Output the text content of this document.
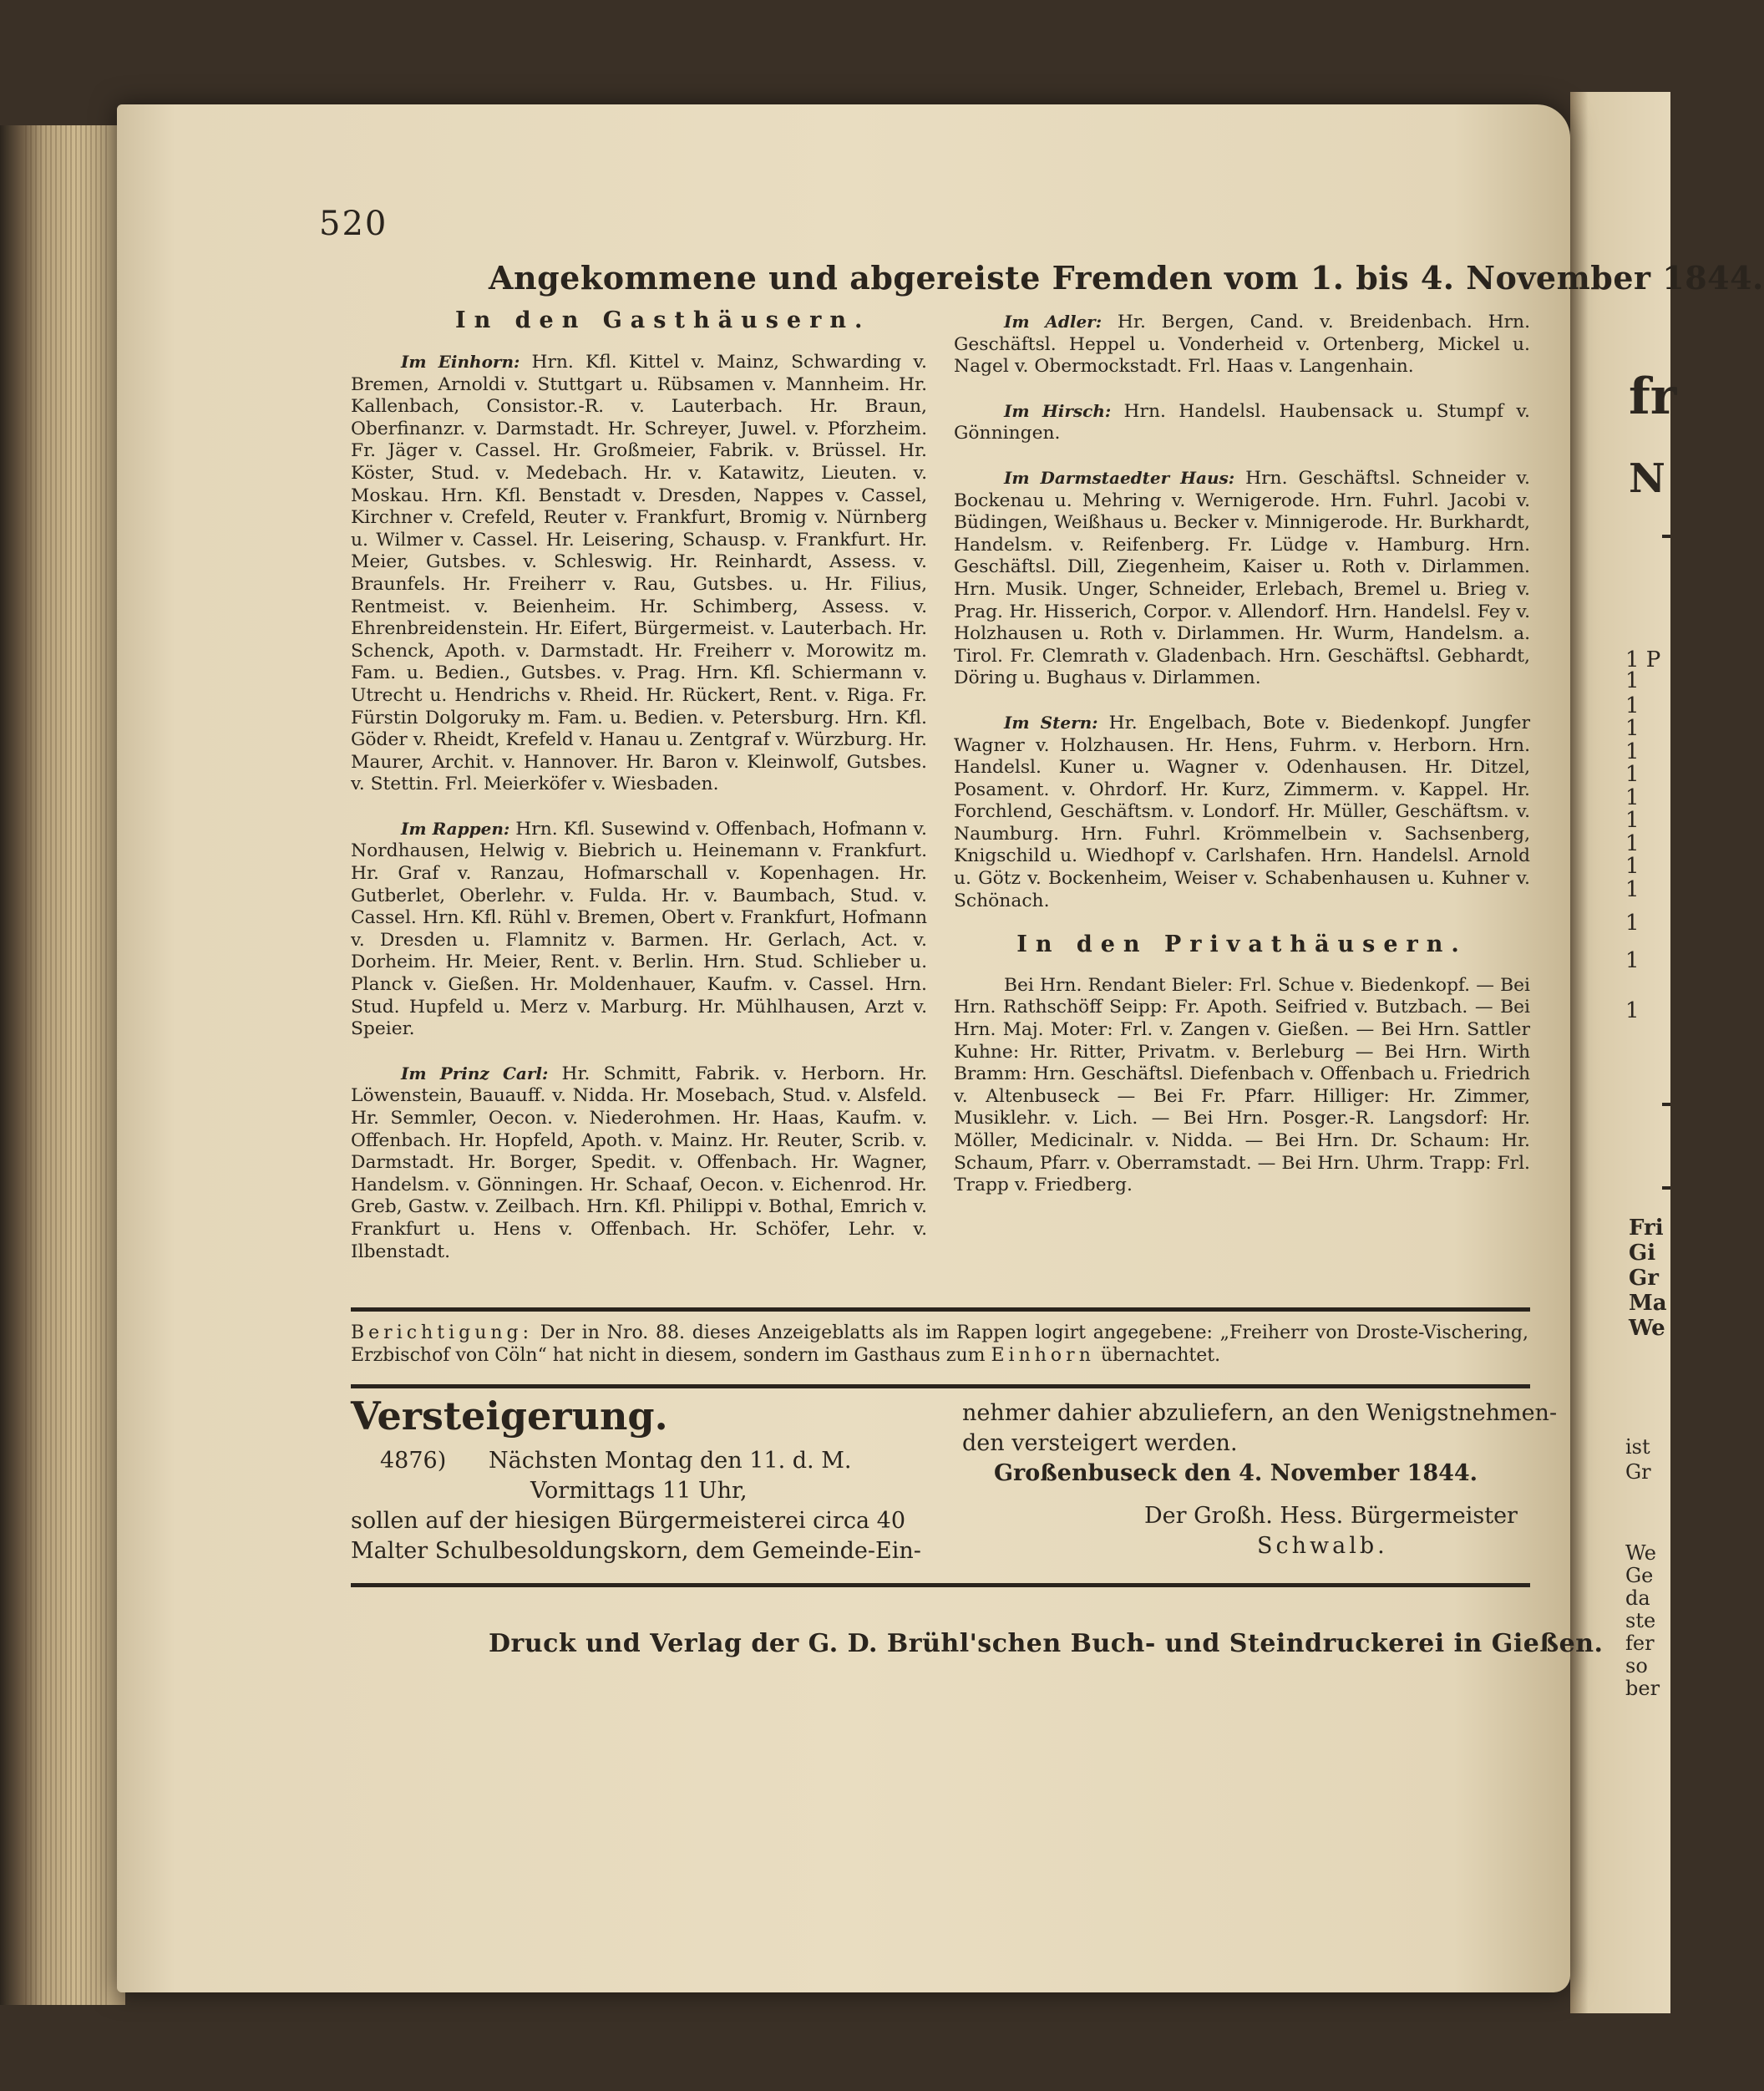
fr
N
1 P
1
1
1
1
1
1
1
1
1
1
1
1
1
Fri
Gi
Gr
Ma
We
ist
Gr
We
Ge
da
ste
fer
so
ber
520
Angekommene und abgereiste Fremden vom 1. bis 4. November 1844.
In den Gasthäusern.

Im Einhorn: Hrn. Kfl. Kittel v. Mainz, Schwarding v. Bremen, Arnoldi v. Stuttgart u. Rübsamen v. Mannheim. Hr. Kallenbach, Consistor.-R. v. Lauterbach. Hr. Braun, Oberfinanzr. v. Darmstadt. Hr. Schreyer, Juwel. v. Pforzheim. Fr. Jäger v. Cassel. Hr. Großmeier, Fabrik. v. Brüssel. Hr. Köster, Stud. v. Medebach. Hr. v. Katawitz, Lieuten. v. Moskau. Hrn. Kfl. Benstadt v. Dresden, Nappes v. Cassel, Kirchner v. Crefeld, Reuter v. Frankfurt, Bromig v. Nürnberg u. Wilmer v. Cassel. Hr. Leisering, Schausp. v. Frankfurt. Hr. Meier, Gutsbes. v. Schleswig. Hr. Reinhardt, Assess. v. Braunfels. Hr. Freiherr v. Rau, Gutsbes. u. Hr. Filius, Rentmeist. v. Beienheim. Hr. Schimberg, Assess. v. Ehrenbreidenstein. Hr. Eifert, Bürgermeist. v. Lauterbach. Hr. Schenck, Apoth. v. Darmstadt. Hr. Freiherr v. Morowitz m. Fam. u. Bedien., Gutsbes. v. Prag. Hrn. Kfl. Schiermann v. Utrecht u. Hendrichs v. Rheid. Hr. Rückert, Rent. v. Riga. Fr. Fürstin Dolgoruky m. Fam. u. Bedien. v. Petersburg. Hrn. Kfl. Göder v. Rheidt, Krefeld v. Hanau u. Zentgraf v. Würzburg. Hr. Maurer, Archit. v. Hannover. Hr. Baron v. Kleinwolf, Gutsbes. v. Stettin. Frl. Meierköfer v. Wiesbaden.

Im Rappen: Hrn. Kfl. Susewind v. Offenbach, Hofmann v. Nordhausen, Helwig v. Biebrich u. Heinemann v. Frankfurt. Hr. Graf v. Ranzau, Hofmarschall v. Kopenhagen. Hr. Gutberlet, Oberlehr. v. Fulda. Hr. v. Baumbach, Stud. v. Cassel. Hrn. Kfl. Rühl v. Bremen, Obert v. Frankfurt, Hofmann v. Dresden u. Flamnitz v. Barmen. Hr. Gerlach, Act. v. Dorheim. Hr. Meier, Rent. v. Berlin. Hrn. Stud. Schlieber u. Planck v. Gießen. Hr. Moldenhauer, Kaufm. v. Cassel. Hrn. Stud. Hupfeld u. Merz v. Marburg. Hr. Mühlhausen, Arzt v. Speier.

Im Prinz Carl: Hr. Schmitt, Fabrik. v. Herborn. Hr. Löwenstein, Bauauff. v. Nidda. Hr. Mosebach, Stud. v. Alsfeld. Hr. Semmler, Oecon. v. Niederohmen. Hr. Haas, Kaufm. v. Offenbach. Hr. Hopfeld, Apoth. v. Mainz. Hr. Reuter, Scrib. v. Darmstadt. Hr. Borger, Spedit. v. Offenbach. Hr. Wagner, Handelsm. v. Gönningen. Hr. Schaaf, Oecon. v. Eichenrod. Hr. Greb, Gastw. v. Zeilbach. Hrn. Kfl. Philippi v. Bothal, Emrich v. Frankfurt u. Hens v. Offenbach. Hr. Schöfer, Lehr. v. Ilbenstadt.

Im Adler: Hr. Bergen, Cand. v. Breidenbach. Hrn. Geschäftsl. Heppel u. Vonderheid v. Ortenberg, Mickel u. Nagel v. Obermockstadt. Frl. Haas v. Langenhain.

Im Hirsch: Hrn. Handelsl. Haubensack u. Stumpf v. Gönningen.

Im Darmstaedter Haus: Hrn. Geschäftsl. Schneider v. Bockenau u. Mehring v. Wernigerode. Hrn. Fuhrl. Jacobi v. Büdingen, Weißhaus u. Becker v. Minnigerode. Hr. Burkhardt, Handelsm. v. Reifenberg. Fr. Lüdge v. Hamburg. Hrn. Geschäftsl. Dill, Ziegenheim, Kaiser u. Roth v. Dirlammen. Hrn. Musik. Unger, Schneider, Erlebach, Bremel u. Brieg v. Prag. Hr. Hisserich, Corpor. v. Allendorf. Hrn. Handelsl. Fey v. Holzhausen u. Roth v. Dirlammen. Hr. Wurm, Handelsm. a. Tirol. Fr. Clemrath v. Gladenbach. Hrn. Geschäftsl. Gebhardt, Döring u. Bughaus v. Dirlammen.

Im Stern: Hr. Engelbach, Bote v. Biedenkopf. Jungfer Wagner v. Holzhausen. Hr. Hens, Fuhrm. v. Herborn. Hrn. Handelsl. Kuner u. Wagner v. Odenhausen. Hr. Ditzel, Posament. v. Ohrdorf. Hr. Kurz, Zimmerm. v. Kappel. Hr. Forchlend, Geschäftsm. v. Londorf. Hr. Müller, Geschäftsm. v. Naumburg. Hrn. Fuhrl. Krömmelbein v. Sachsenberg, Knigschild u. Wiedhopf v. Carlshafen. Hrn. Handelsl. Arnold u. Götz v. Bockenheim, Weiser v. Schabenhausen u. Kuhner v. Schönach.

In den Privathäusern.

Bei Hrn. Rendant Bieler: Frl. Schue v. Biedenkopf. — Bei Hrn. Rathschöff Seipp: Fr. Apoth. Seifried v. Butzbach. — Bei Hrn. Maj. Moter: Frl. v. Zangen v. Gießen. — Bei Hrn. Sattler Kuhne: Hr. Ritter, Privatm. v. Berleburg — Bei Hrn. Wirth Bramm: Hrn. Geschäftsl. Diefenbach v. Offenbach u. Friedrich v. Altenbuseck — Bei Fr. Pfarr. Hilliger: Hr. Zimmer, Musiklehr. v. Lich. — Bei Hrn. Posger.-R. Langsdorf: Hr. Möller, Medicinalr. v. Nidda. — Bei Hrn. Dr. Schaum: Hr. Schaum, Pfarr. v. Oberramstadt. — Bei Hrn. Uhrm. Trapp: Frl. Trapp v. Friedberg.

Berichtigung: Der in Nro. 88. dieses Anzeigeblatts als im Rappen logirt angegebene: „Freiherr von Droste-Vischering, Erzbischof von Cöln“ hat nicht in diesem, sondern im Gasthaus zum Einhorn übernachtet.
Versteigerung.
4876) Nächsten Montag den 11. d. M.
Vormittags 11 Uhr,
sollen auf der hiesigen Bürgermeisterei circa 40
Malter Schulbesoldungskorn, dem Gemeinde-Ein-
nehmer dahier abzuliefern, an den Wenigstnehmen-
den versteigert werden.
Großenbuseck den 4. November 1844.
Der Großh. Hess. Bürgermeister
Schwalb.
Druck und Verlag der G. D. Brühl'schen Buch- und Steindruckerei in Gießen.
